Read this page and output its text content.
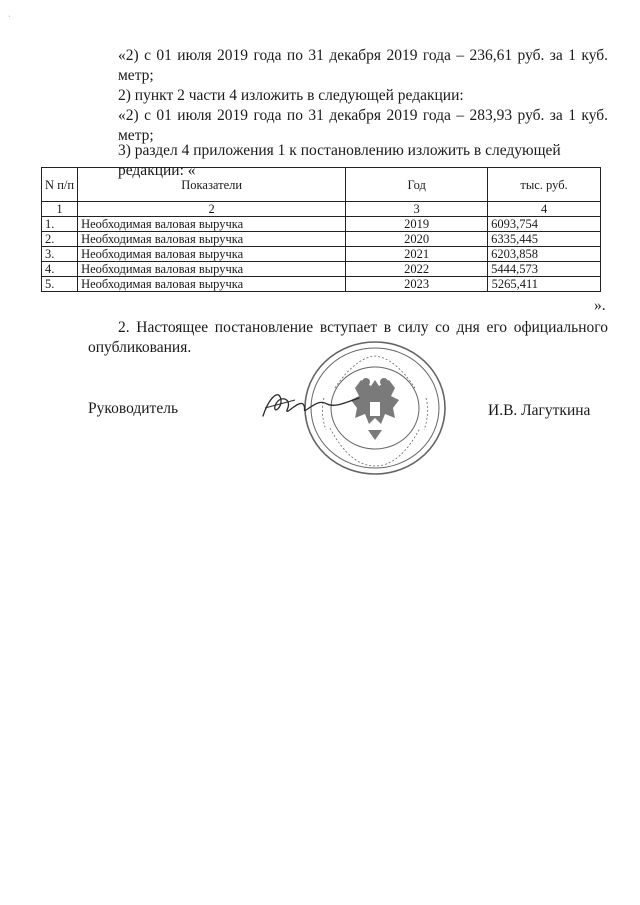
ˎ
«2) с 01 июля 2019 года по 31 декабря 2019 года – 236,61 руб. за 1 куб. метр;
2) пункт 2 части 4 изложить в следующей редакции:
«2) с 01 июля 2019 года по 31 декабря 2019 года – 283,93 руб. за 1 куб. метр;
3) раздел 4 приложения 1 к постановлению изложить в следующей редакции: «
N п/п	Показатели	Год	тыс. руб.
1	2	3	4
1.	Необходимая валовая выручка	2019	6093,754
2.	Необходимая валовая выручка	2020	6335,445
3.	Необходимая валовая выручка	2021	6203,858
4.	Необходимая валовая выручка	2022	5444,573
5.	Необходимая валовая выручка	2023	5265,411
».
2. Настоящее постановление вступает в силу со дня его официального опубликования.
Руководитель	И.В. Лагуткина
